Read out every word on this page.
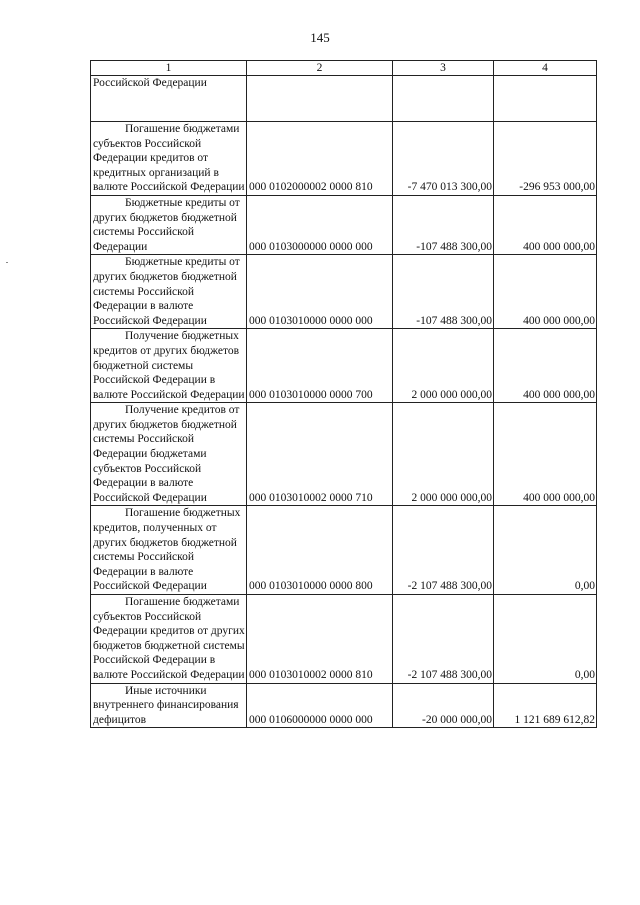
145
1	2	3	4
Российской Федерации			
Погашение бюджетами субъектов Российской Федерации кредитов от кредитных организаций в валюте Российской Федерации	000 0102000002 0000 810	-7 470 013 300,00	-296 953 000,00
Бюджетные кредиты от других бюджетов бюджетной системы Российской Федерации	000 0103000000 0000 000	-107 488 300,00	400 000 000,00
Бюджетные кредиты от других бюджетов бюджетной системы Российской Федерации в валюте Российской Федерации	000 0103010000 0000 000	-107 488 300,00	400 000 000,00
Получение бюджетных кредитов от других бюджетов бюджетной системы Российской Федерации в валюте Российской Федерации	000 0103010000 0000 700	2 000 000 000,00	400 000 000,00
Получение кредитов от других бюджетов бюджетной системы Российской Федерации бюджетами субъектов Российской Федерации в валюте Российской Федерации	000 0103010002 0000 710	2 000 000 000,00	400 000 000,00
Погашение бюджетных кредитов, полученных от других бюджетов бюджетной системы Российской Федерации в валюте Российской Федерации	000 0103010000 0000 800	-2 107 488 300,00	0,00
Погашение бюджетами субъектов Российской Федерации кредитов от других бюджетов бюджетной системы Российской Федерации в валюте Российской Федерации	000 0103010002 0000 810	-2 107 488 300,00	0,00
Иные источники внутреннего финансирования дефицитов	000 0106000000 0000 000	-20 000 000,00	1 121 689 612,82
